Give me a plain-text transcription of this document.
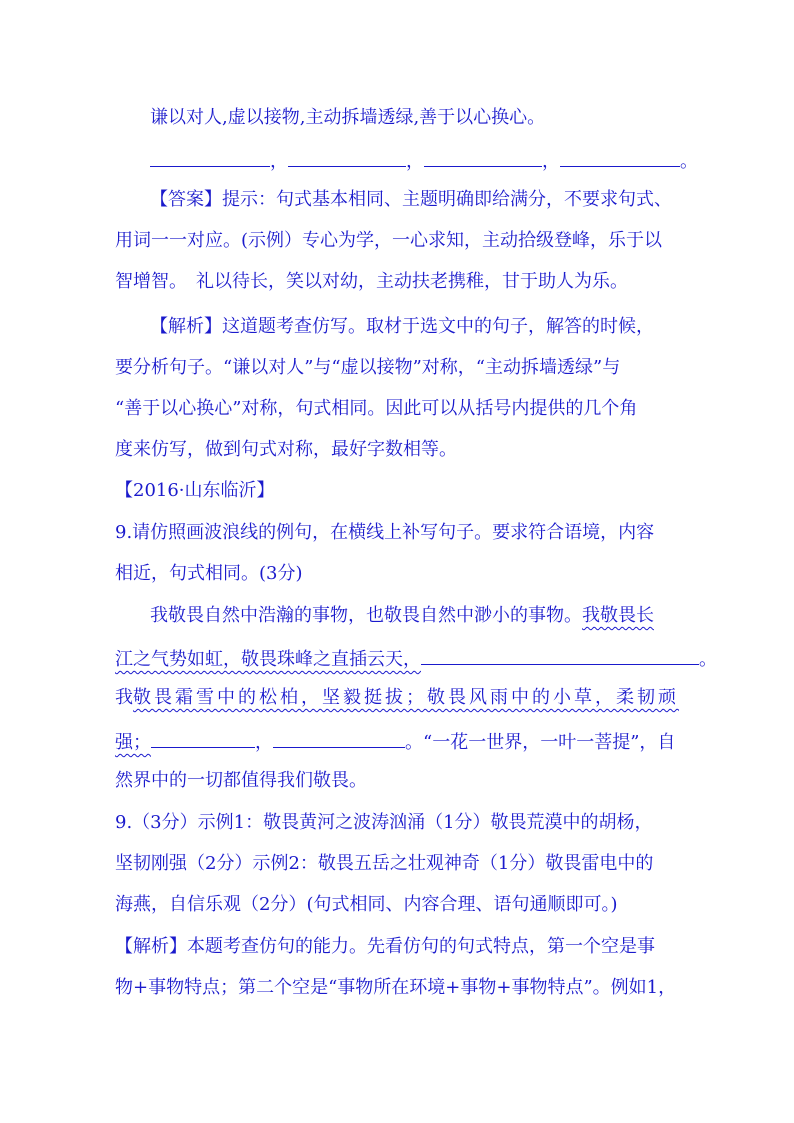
谦以对人,虚以接物,主动拆墙透绿,善于以心换心。
，	，	，	。
【答案】提示：句式基本相同、主题明确即给满分，不要求句式、
用词一一对应。(示例）专心为学，一心求知，主动拾级登峰，乐于以
智增智。　礼以待长，笑以对幼，主动扶老携稚，甘于助人为乐。
【解析】这道题考查仿写。取材于选文中的句子，解答的时候，
要分析句子。“谦以对人”与“虚以接物”对称，“主动拆墙透绿”与
“善于以心换心”对称，句式相同。因此可以从括号内提供的几个角
度来仿写，做到句式对称，最好字数相等。
【2016·山东临沂】
9.请仿照画波浪线的例句，在横线上补写句子。要求符合语境，内容
相近，句式相同。(3分)
我敬畏自然中浩瀚的事物，也敬畏自然中渺小的事物。我敬畏长
江之气势如虹，敬畏珠峰之直插云天，	。
我敬畏霜雪中的松柏，坚毅挺拔；敬畏风雨中的小草，柔韧顽
强；	，	。“一花一世界，一叶一菩提”，自
然界中的一切都值得我们敬畏。
9.（3分）示例1：敬畏黄河之波涛汹涌（1分）敬畏荒漠中的胡杨，
坚韧刚强（2分）示例2：敬畏五岳之壮观神奇（1分）敬畏雷电中的
海燕，自信乐观（2分）(句式相同、内容合理、语句通顺即可。)
【解析】本题考查仿句的能力。先看仿句的句式特点，第一个空是事
物+事物特点；第二个空是“事物所在环境+事物+事物特点”。例如1，
